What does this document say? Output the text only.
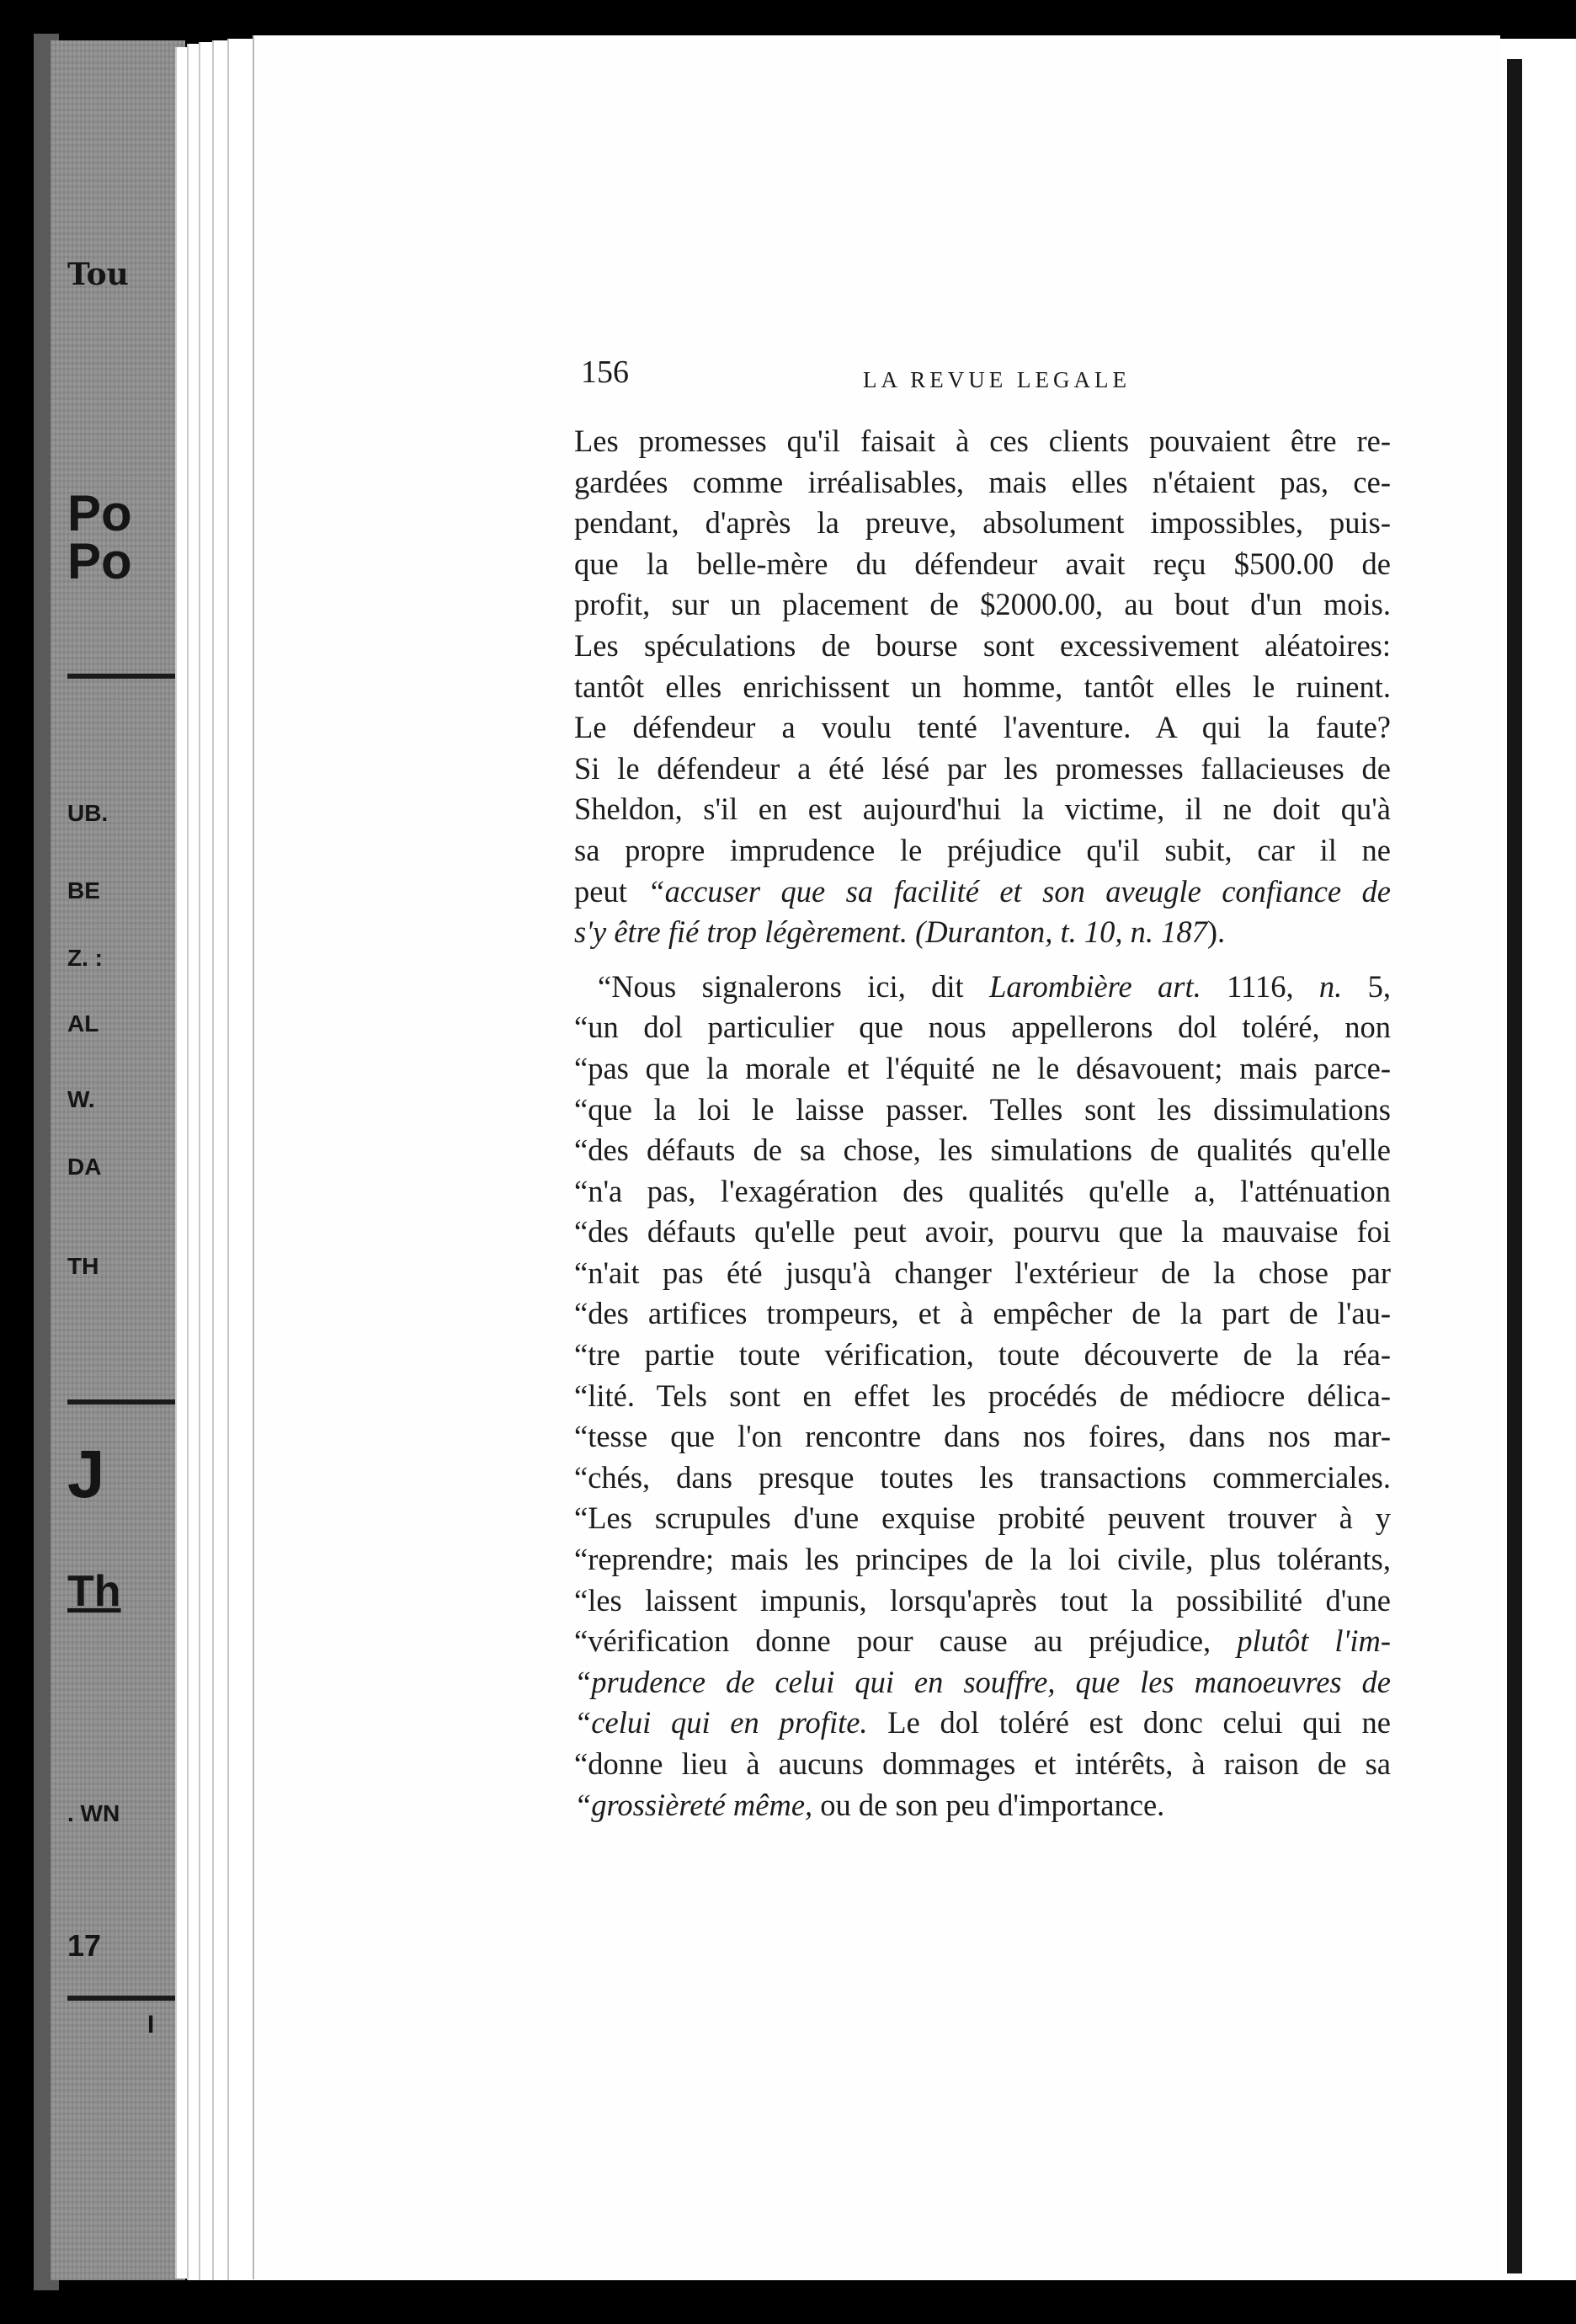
Tou
Po
Po
UB.
BE
Z. :
AL
W.
DA
TH
J
Th
. WN
17
I
156	LA REVUE LEGALE
Les promesses qu'il faisait à ces clients pouvaient être re-
gardées comme irréalisables, mais elles n'étaient pas, ce-
pendant, d'après la preuve, absolument impossibles, puis-
que la belle-mère du défendeur avait reçu $500.00 de
profit, sur un placement de $2000.00, au bout d'un mois.
Les spéculations de bourse sont excessivement aléatoires:
tantôt elles enrichissent un homme, tantôt elles le ruinent.
Le défendeur a voulu tenté l'aventure. A qui la faute?
Si le défendeur a été lésé par les promesses fallacieuses de
Sheldon, s'il en est aujourd'hui la victime, il ne doit qu'à
sa propre imprudence le préjudice qu'il subit, car il ne
peut “accuser que sa facilité et son aveugle confiance de
s'y être fié trop légèrement. (Duranton, t. 10, n. 187).
“Nous signalerons ici, dit Larombière art. 1116, n. 5,
“un dol particulier que nous appellerons dol toléré, non
“pas que la morale et l'équité ne le désavouent; mais parce-
“que la loi le laisse passer. Telles sont les dissimulations
“des défauts de sa chose, les simulations de qualités qu'elle
“n'a pas, l'exagération des qualités qu'elle a, l'atténuation
“des défauts qu'elle peut avoir, pourvu que la mauvaise foi
“n'ait pas été jusqu'à changer l'extérieur de la chose par
“des artifices trompeurs, et à empêcher de la part de l'au-
“tre partie toute vérification, toute découverte de la réa-
“lité. Tels sont en effet les procédés de médiocre délica-
“tesse que l'on rencontre dans nos foires, dans nos mar-
“chés, dans presque toutes les transactions commerciales.
“Les scrupules d'une exquise probité peuvent trouver à y
“reprendre; mais les principes de la loi civile, plus tolérants,
“les laissent impunis, lorsqu'après tout la possibilité d'une
“vérification donne pour cause au préjudice, plutôt l'im-
“prudence de celui qui en souffre, que les manoeuvres de
“celui qui en profite. Le dol toléré est donc celui qui ne
“donne lieu à aucuns dommages et intérêts, à raison de sa
“grossièreté même, ou de son peu d'importance.
